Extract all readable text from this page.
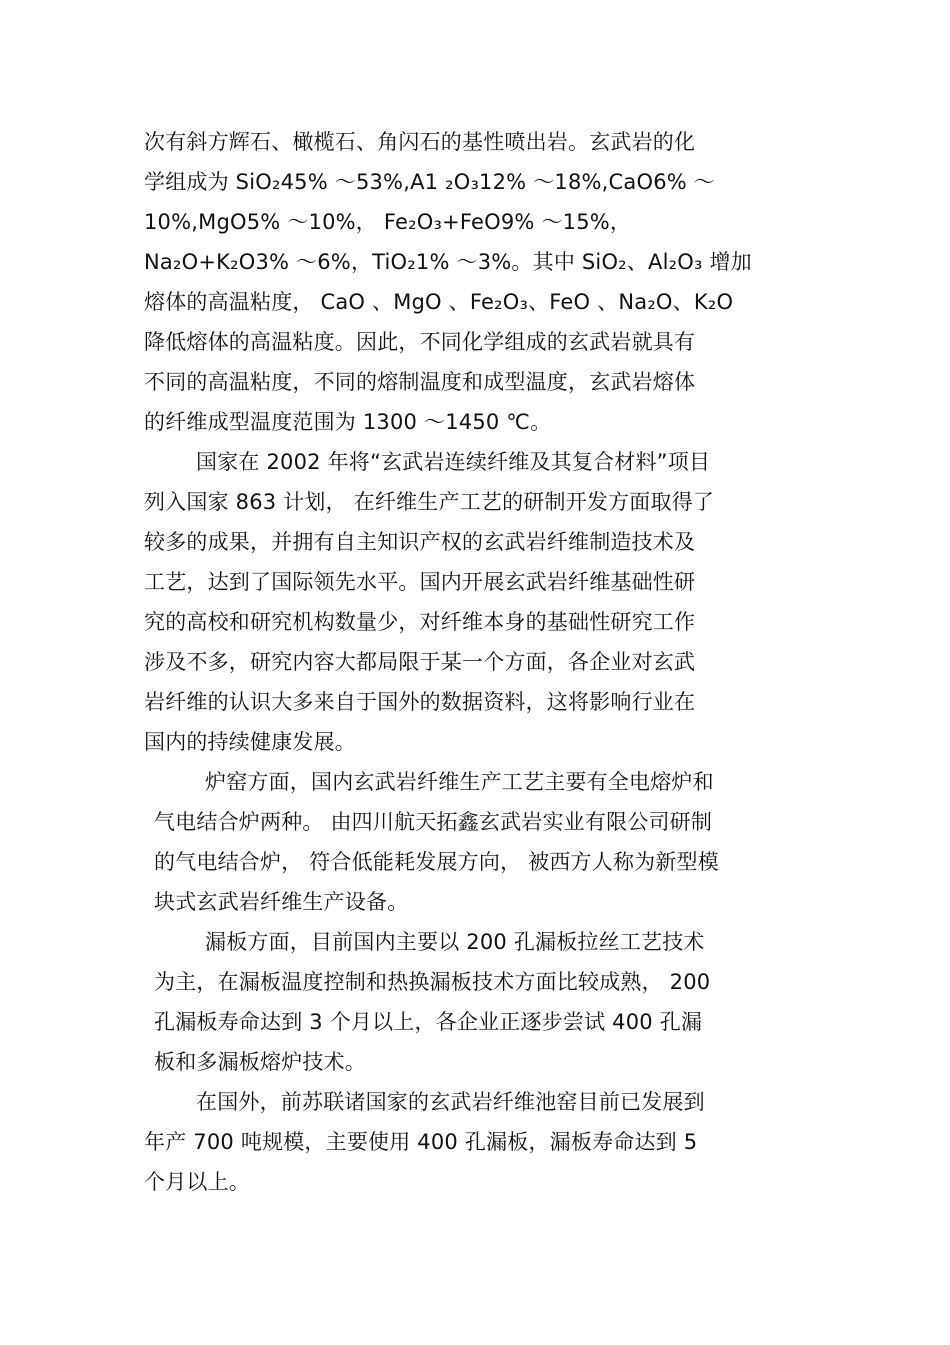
次有斜方辉石、橄榄石、角闪石的基性喷出岩。玄武岩的化
学组成为 SiO₂45% ～53%,A1 ₂O₃12% ～18%,CaO6% ～
10%,MgO5% ～10%， Fe₂O₃+FeO9% ～15%，
Na₂O+K₂O3% ～6%，TiO₂1% ～3%。其中 SiO₂、Al₂O₃ 增加
熔体的高温粘度， CaO 、MgO 、Fe₂O₃、FeO 、Na₂O、K₂O
降低熔体的高温粘度。因此，不同化学组成的玄武岩就具有
不同的高温粘度，不同的熔制温度和成型温度，玄武岩熔体
的纤维成型温度范围为 1300 ～1450 ℃。
国家在 2002 年将“玄武岩连续纤维及其复合材料”项目
列入国家 863 计划， 在纤维生产工艺的研制开发方面取得了
较多的成果，并拥有自主知识产权的玄武岩纤维制造技术及
工艺，达到了国际领先水平。国内开展玄武岩纤维基础性研
究的高校和研究机构数量少，对纤维本身的基础性研究工作
涉及不多，研究内容大都局限于某一个方面，各企业对玄武
岩纤维的认识大多来自于国外的数据资料，这将影响行业在
国内的持续健康发展。
炉窑方面，国内玄武岩纤维生产工艺主要有全电熔炉和
气电结合炉两种。 由四川航天拓鑫玄武岩实业有限公司研制
的气电结合炉， 符合低能耗发展方向， 被西方人称为新型模
块式玄武岩纤维生产设备。
漏板方面，目前国内主要以 200 孔漏板拉丝工艺技术
为主，在漏板温度控制和热换漏板技术方面比较成熟， 200
孔漏板寿命达到 3 个月以上，各企业正逐步尝试 400 孔漏
板和多漏板熔炉技术。
在国外，前苏联诸国家的玄武岩纤维池窑目前已发展到
年产 700 吨规模，主要使用 400 孔漏板，漏板寿命达到 5
个月以上。
